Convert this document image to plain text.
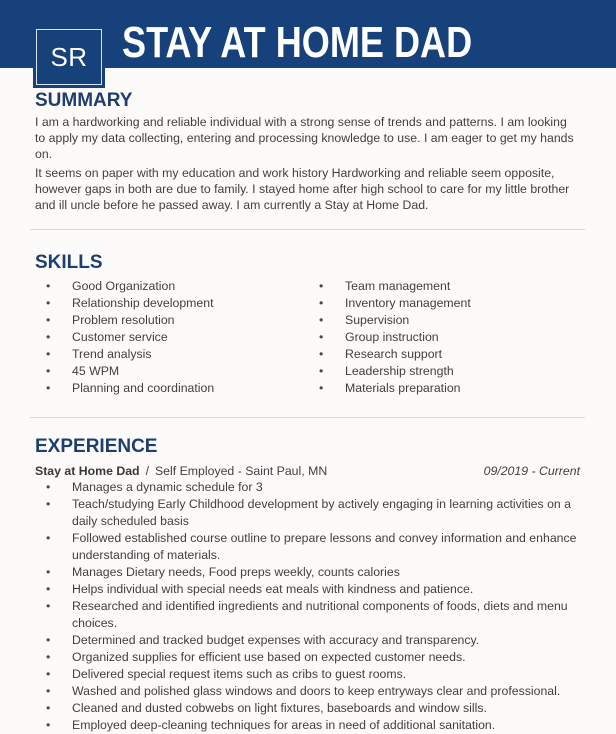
SR STAY AT HOME DAD
SUMMARY

I am a hardworking and reliable individual with a strong sense of trends and patterns. I am looking to apply my data collecting, entering and processing knowledge to use. I am eager to get my hands on.

It seems on paper with my education and work history Hardworking and reliable seem opposite, however gaps in both are due to family. I stayed home after high school to care for my little brother and ill uncle before he passed away. I am currently a Stay at Home Dad.

SKILLS
•
Good Organization
•
Relationship development
•
Problem resolution
•
Customer service
•
Trend analysis
•
45 WPM
•
Planning and coordination
•
Team management
•
Inventory management
•
Supervision
•
Group instruction
•
Research support
•
Leadership strength
•
Materials preparation
EXPERIENCE
Stay at Home Dad / Self Employed - Saint Paul, MN	09/2019 - Current
•
Manages a dynamic schedule for 3
•
Teach/studying Early Childhood development by actively engaging in learning activities on a daily scheduled basis
•
Followed established course outline to prepare lessons and convey information and enhance understanding of materials.
•
Manages Dietary needs, Food preps weekly, counts calories
•
Helps individual with special needs eat meals with kindness and patience.
•
Researched and identified ingredients and nutritional components of foods, diets and menu choices.
•
Determined and tracked budget expenses with accuracy and transparency.
•
Organized supplies for efficient use based on expected customer needs.
•
Delivered special request items such as cribs to guest rooms.
•
Washed and polished glass windows and doors to keep entryways clear and professional.
•
Cleaned and dusted cobwebs on light fixtures, baseboards and window sills.
•
Employed deep-cleaning techniques for areas in need of additional sanitation.
